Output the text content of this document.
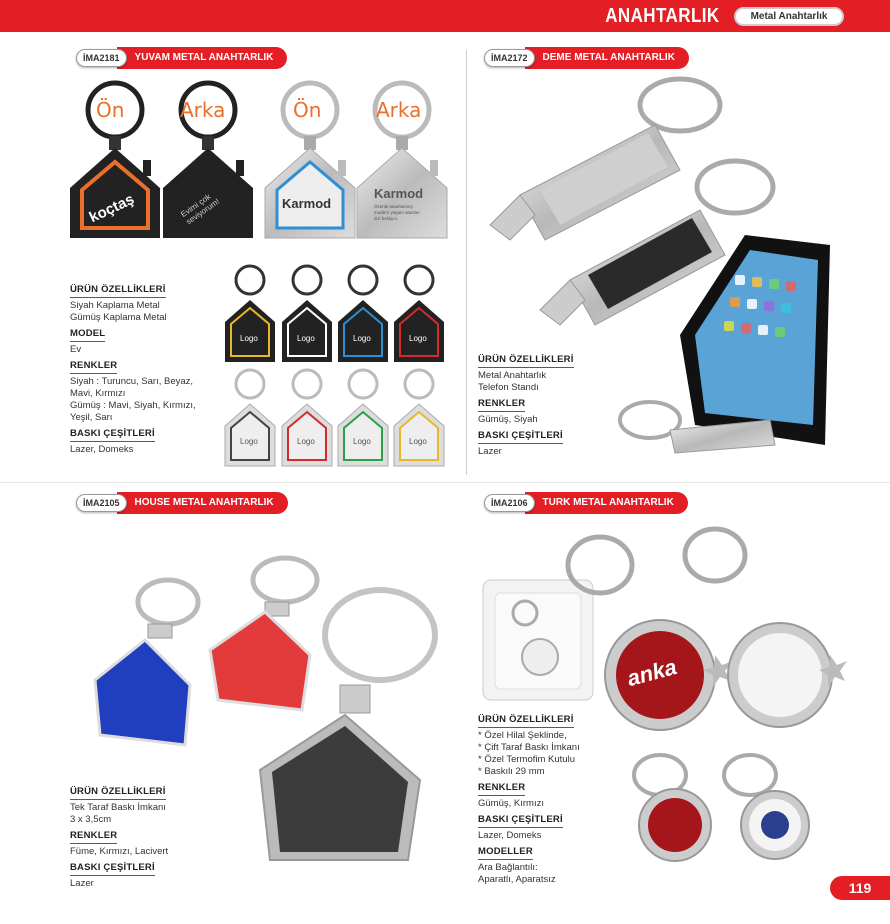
ANAHTARLIK	Metal Anahtarlık
İMA2181	YUVAM METAL ANAHTARLIK	İMA2172	DEME METAL ANAHTARLIK
İMA2105	HOUSE METAL ANAHTARLIK	İMA2106	TURK METAL ANAHTARLIK
Ön	Arka	Ön	Arka
koçtaş	Evimi çok seviyorum!	Karmod
Karmod
Özenle tasarlanmış modern yaşam alanları sizi bekliyor.
Logo	Logo	Logo	Logo
Logo	Logo	Logo	Logo
ÜRÜN ÖZELLİKLERİ
Siyah Kaplama Metal
Gümüş Kaplama Metal
MODEL
Ev
RENKLER
Siyah : Turuncu, Sarı, Beyaz,
Mavi, Kırmızı
Gümüş : Mavi, Siyah, Kırmızı,
Yeşil, Sarı
BASKI ÇEŞİTLERİ
Lazer, Domeks
ÜRÜN ÖZELLİKLERİ
Metal Anahtarlık
Telefon Standı
RENKLER
Gümüş, Siyah
BASKI ÇEŞİTLERİ
Lazer
ÜRÜN ÖZELLİKLERİ
Tek Taraf Baskı İmkanı
3 x 3,5cm
RENKLER
Füme, Kırmızı, Lacivert
BASKI ÇEŞİTLERİ
Lazer
anka
ÜRÜN ÖZELLİKLERİ
* Özel Hilal Şeklinde,
* Çift Taraf Baskı İmkanı
* Özel Termofim Kutulu
* Baskılı 29 mm
RENKLER
Gümüş, Kırmızı
BASKI ÇEŞİTLERİ
Lazer, Domeks
MODELLER
Ara Bağlantılı:
Aparatlı, Aparatsız
119
